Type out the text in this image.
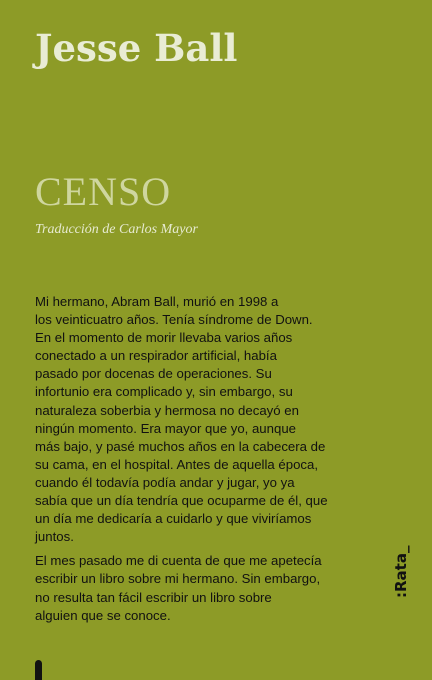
Jesse Ball
CENSO
Traducción de Carlos Mayor

Mi hermano, Abram Ball, murió en 1998 a
los veinticuatro años. Tenía síndrome de Down.
En el momento de morir llevaba varios años
conectado a un respirador artificial, había
pasado por docenas de operaciones. Su
infortunio era complicado y, sin embargo, su
naturaleza soberbia y hermosa no decayó en
ningún momento. Era mayor que yo, aunque
más bajo, y pasé muchos años en la cabecera de
su cama, en el hospital. Antes de aquella época,
cuando él todavía podía andar y jugar, yo ya
sabía que un día tendría que ocuparme de él, que
un día me dedicaría a cuidarlo y que viviríamos
juntos.

El mes pasado me di cuenta de que me apetecía
escribir un libro sobre mi hermano. Sin embargo,
no resulta tan fácil escribir un libro sobre
alguien que se conoce.

:Rata_
